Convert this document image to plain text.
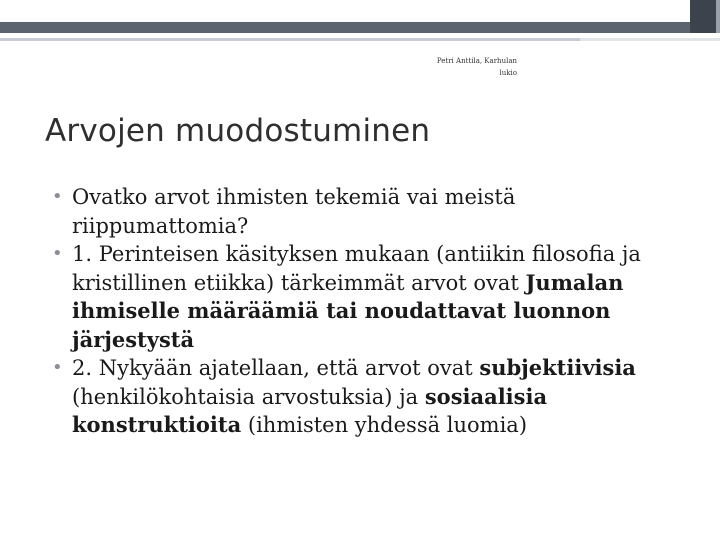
Petri Anttila, Karhulan lukio
Arvojen muodostuminen
• Ovatko arvot ihmisten tekemiä vai meistä riippumattomia?
• 1. Perinteisen käsityksen mukaan (antiikin filosofia ja kristillinen etiikka) tärkeimmät arvot ovat Jumalan ihmiselle määräämiä tai noudattavat luonnon järjestystä
• 2. Nykyään ajatellaan, että arvot ovat subjektiivisia (henkilökohtaisia arvostuksia) ja sosiaalisia konstruktioita (ihmisten yhdessä luomia)
